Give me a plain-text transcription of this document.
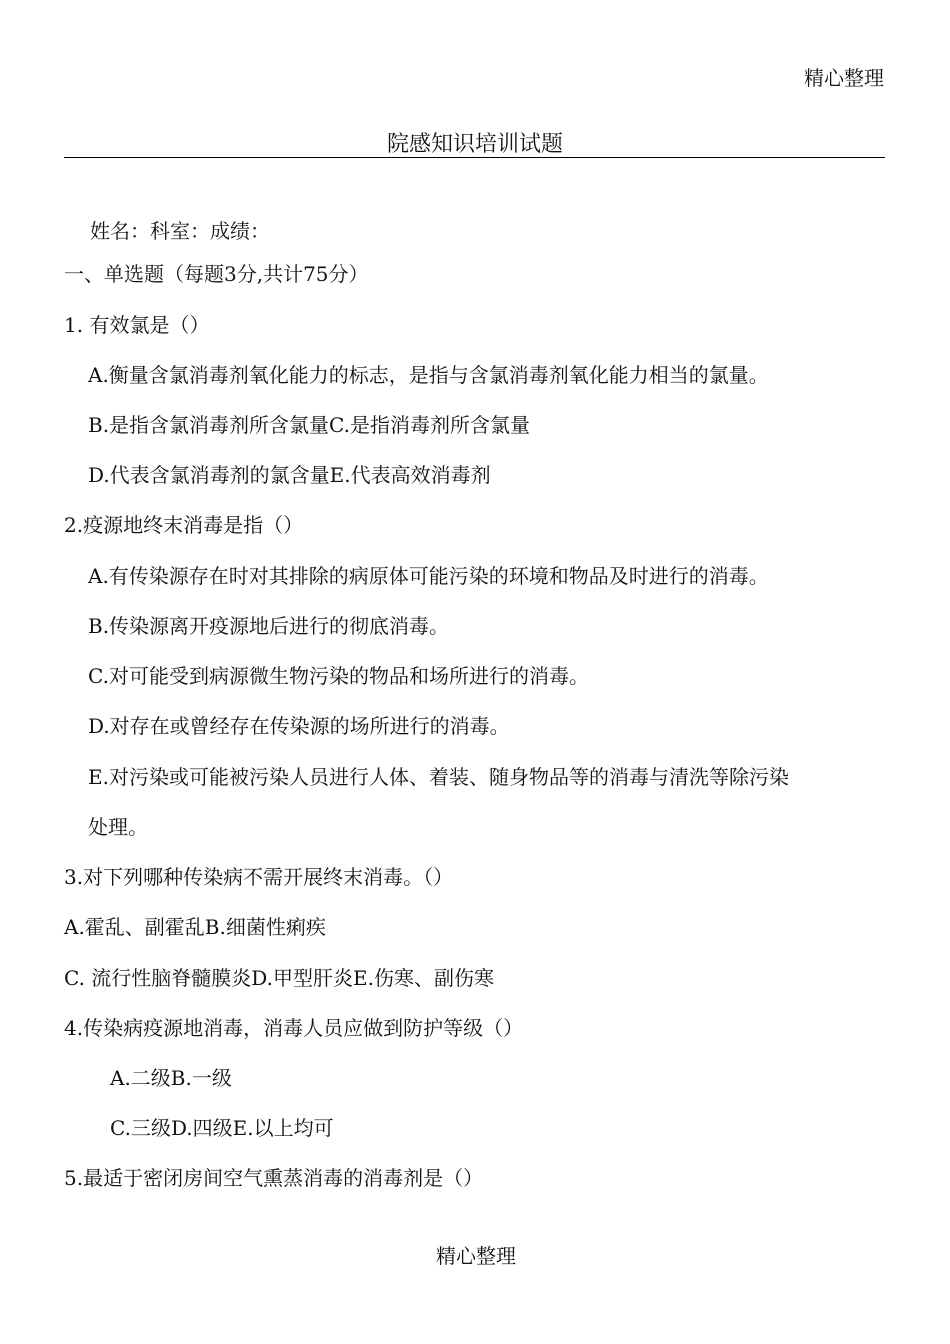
精心整理
院感知识培训试题
姓名：科室：成绩：
一、单选题（每题3分,共计75分）
1. 有效氯是（）
A.衡量含氯消毒剂氧化能力的标志，是指与含氯消毒剂氧化能力相当的氯量。
B.是指含氯消毒剂所含氯量C.是指消毒剂所含氯量
D.代表含氯消毒剂的氯含量E.代表高效消毒剂
2.疫源地终末消毒是指（）
A.有传染源存在时对其排除的病原体可能污染的环境和物品及时进行的消毒。
B.传染源离开疫源地后进行的彻底消毒。
C.对可能受到病源微生物污染的物品和场所进行的消毒。
D.对存在或曾经存在传染源的场所进行的消毒。
E.对污染或可能被污染人员进行人体、着装、随身物品等的消毒与清洗等除污染
处理。
3.对下列哪种传染病不需开展终末消毒。（）
A.霍乱、副霍乱B.细菌性痢疾
C. 流行性脑脊髓膜炎D.甲型肝炎E.伤寒、副伤寒
4.传染病疫源地消毒，消毒人员应做到防护等级（）
A.二级B.一级
C.三级D.四级E.以上均可
5.最适于密闭房间空气熏蒸消毒的消毒剂是（）
精心整理
